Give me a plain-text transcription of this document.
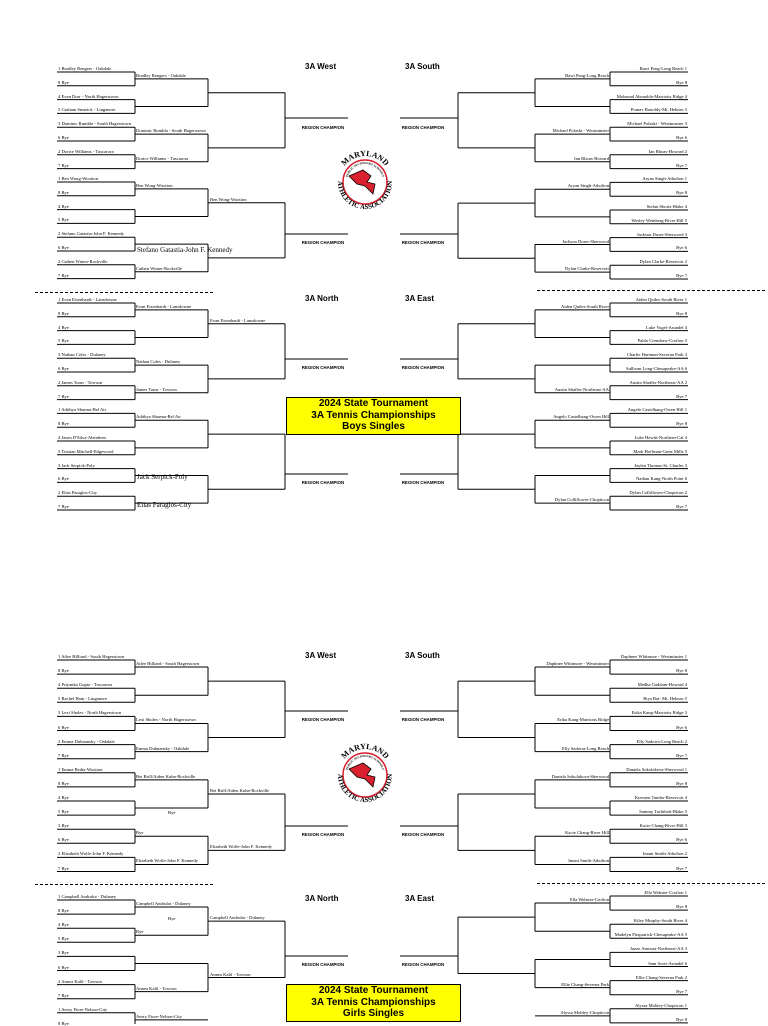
MARYLAND
PUBLIC SECONDARY SCHOOLS
ATHLETIC ASSOCIATION
MARYLAND
PUBLIC SECONDARY SCHOOLS
ATHLETIC ASSOCIATION
1 Bradley Rengers - Oakdale
8 Bye
4 Evan Durr - North Hagerstown
5 Graham Smarick - Linganore
3 Dominic Rumbla - South Hagerstown
6 Bye
2 Dorice Williams - Tuscarora
7 Bye
Bradley Rengers - Oakdale
Dominic Rumbla - South Hagerstown
Dorice Williams - Tuscarora
1 Ben Wong-Wootton
8 Bye
4 Bye
5 Bye
2 Stefano Gatastia-John F. Kennedy
6 Bye
2 Cathen Winter-Rockville
7 Bye
Ben Wong-Wootton
Cathen Winter-Rockville
Ben Wong-Wootton
Stefano Gatastia-John F. Kennedy
Bawi Peng-Long Reach 1
Bye 8
Mohanad Abouabla-Marriotts Ridge 4
Pranav Bonoldy-Mt. Hebron 5
Michael Polaski - Westminster 3
Bye 6
Ian Rhoas-Howard 2
Bye 7
Aryan Singh-Atholton 1
Bye 8
Stefan Shorts-Blake 4
Wesley Weinberg-River Hill 5
Jackson Doser-Sherwood 3
Bye 6
Dylan Clarke-Reservoir 2
Bye 7
Bawi Peng-Long Reach
Michael Polaski - Westminster
Ian Rhoas-Howard
Aryan Singh-Atholton
Jackson Doser-Sherwood
Dylan Clarke-Reservoir
3A West	3A South
REGION CHAMPION	REGION CHAMPION
REGION CHAMPION	REGION CHAMPION
1 Evan Eisenhardt - Lansdowne
8 Bye
4 Bye
5 Bye
3 Nathan Coles - Dulaney
6 Bye
2 James Toms - Towson
7 Bye
1 Adithya Sharma-Bel Air
8 Bye
4 Jason D'Silva-Aberdeen
5 Tristian Mitchell-Edgewood
3 Jack Serpick-Poly
6 Bye
2 Elias Paraglos-City
7 Bye
Evan Eisenhardt - Lansdowne
Nathan Coles - Dulaney
James Toms - Towson
Adithya Sharma-Bel Air
Evan Eisenhardt - Lansdowne
Jack Serpick-Poly
Elias Paraglos-City
Aiden Quiles-South River 1
Bye 8
Luke Vogel-Arundel 4
Pablo Crenshaw-Crofton 5
Charlie Hartman-Severna Park 3
Sullivan Long-Chesapeake-AA 6
Austin Shaffer-Northeast-AA 2
Bye 7
Angelo Castelhang-Owen Hill 1
Bye 8
Luke Hewitt-Northern-Cal 4
Mark Hoffman-Great Mills 5
Jaylen Thomas-St. Charles 3
Nathan Kang-North Point 6
Dylan Colliflower-Chopticon 2
Bye 7
Aiden Quiles-South River
Austin Shaffer-Northeast-AA
Angelo Castelhang-Owen Hill
Dylan Colliflower-Chopticon
3A North	3A East
REGION CHAMPION	REGION CHAMPION
REGION CHAMPION	REGION CHAMPION
2024 State Tournament
3A Tennis Championships
Boys Singles
1 Atlee Hilliard - South Hagerstown
8 Bye
4 Priyanka Gupta - Tuscarora
5 Rachel Ham - Linganore
3 Lexi Sholes - North Hagerstown
6 Bye
2 Emma Dubnansky - Oakdale
7 Bye
1 Emma Bedia-Wootton
8 Bye
4 Bye
5 Bye
3 Bye
6 Bye
2 Elizabeth Wolfe-John F. Kennedy
7 Bye
Atlee Hilliard - South Hagerstown
Lexi Sholes - North Hagerstown
Emma Dubnansky - Oakdale
Bei Brill/Aiden Kuhn-Rockville
Bye
Bye
Elizabeth Wolfe-John F. Kennedy
Bei Brill/Aiden Kuhn-Rockville
Elizabeth Wolfe-John F. Kennedy
Daphnee Whitmore - Westminster 1
Bye 8
Medha Gaddam-Howard 4
Riya Rai- Mt. Hebron 5
Erika Kang-Marriotts Ridge 3
Bye 6
Elly Sadorra-Long Reach 2
Bye 7
Daniela Sokolakova-Sherwood 1
Bye 8
Kiersten Tambo-Reservoir 4
Sammy Tachibeti-Blake 5
Kacie Chang-River Hill 3
Bye 6
Imani Smith-Atholton 2
Bye 7
Daphnee Whitmore - Westminster
Erika Kang-Marriotts Ridge
Elly Sadorra-Long Reach
Daniela Sokolakova-Sherwood
Kacie Chang-River Hill
Imani Smith-Atholton
3A West	3A South
REGION CHAMPION	REGION CHAMPION
REGION CHAMPION	REGION CHAMPION
1 Campbell Andrulot - Dulaney
8 Bye
4 Bye
5 Bye
3 Bye
6 Bye
2 Annea Kalil - Towson
7 Bye
1 Avery Fiore-Nelson-City
8 Bye
Campbell Andrulot - Dulaney
Bye
Annea Kalil - Towson
Avery Fiore-Nelson-City
Bye	Campbell Andrulot - Dulaney
Annea Kalil - Towson
Ella Webster-Crofton 1
Bye 8
Kiley Murphy-South River 4
Madelyn Fitzpatrick-Chesapeake-AA 5
Jazzo Amosaa-Northeast-AA 3
Sam Scott-Arundel 6
Ellie Chang-Severna Park 2
Bye 7
Alyssa Mobley-Chopticon 1
Bye 8
Ella Webster-Crofton
Ellie Chang-Severna Park
Alyssa Mobley-Chopticon
3A North	3A East
REGION CHAMPION	REGION CHAMPION
2024 State Tournament
3A Tennis Championships
Girls Singles
